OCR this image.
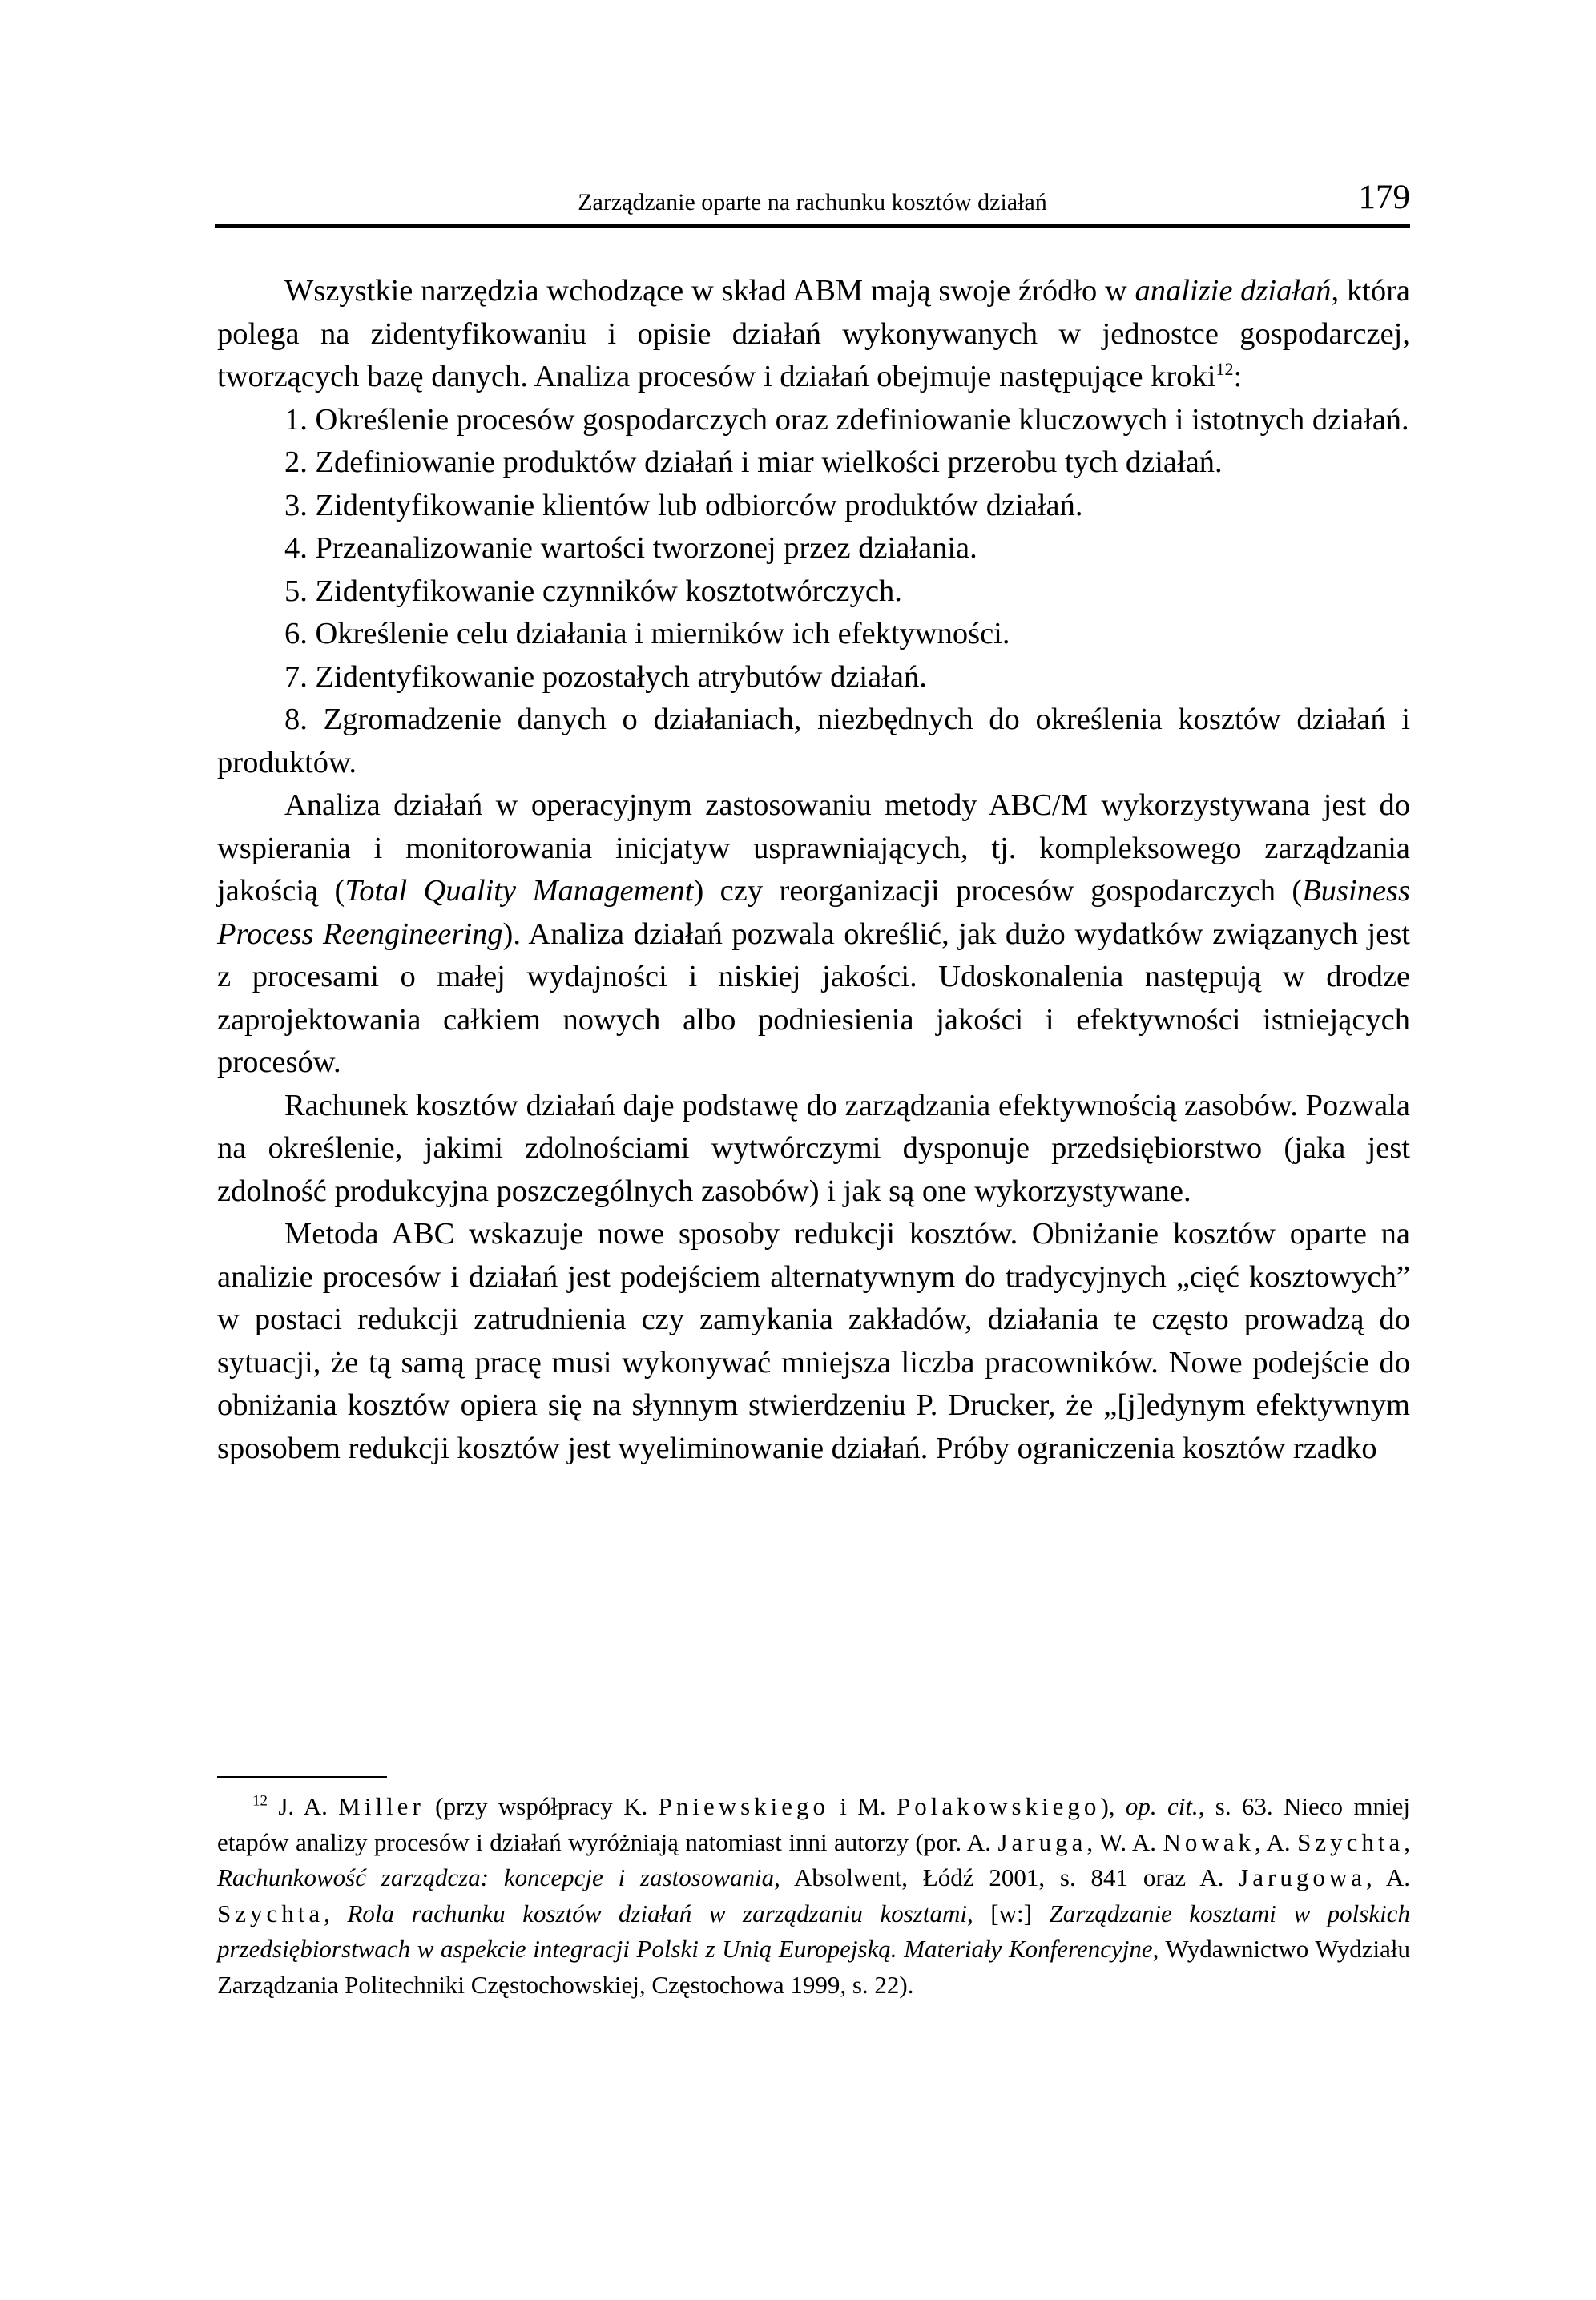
Zarządzanie oparte na rachunku kosztów działań	179

Wszystkie narzędzia wchodzące w skład ABM mają swoje źródło w analizie działań, która polega na zidentyfikowaniu i opisie działań wykonywanych w jednostce gospodarczej, tworzących bazę danych. Analiza procesów i działań obejmuje następujące kroki$^{12}$:

1. Określenie procesów gospodarczych oraz zdefiniowanie kluczowych i istotnych działań.

2. Zdefiniowanie produktów działań i miar wielkości przerobu tych działań.

3. Zidentyfikowanie klientów lub odbiorców produktów działań.

4. Przeanalizowanie wartości tworzonej przez działania.

5. Zidentyfikowanie czynników kosztotwórczych.

6. Określenie celu działania i mierników ich efektywności.

7. Zidentyfikowanie pozostałych atrybutów działań.

8. Zgromadzenie danych o działaniach, niezbędnych do określenia kosztów działań i produktów.

Analiza działań w operacyjnym zastosowaniu metody ABC/M wykorzystywana jest do wspierania i monitorowania inicjatyw usprawniających, tj. kompleksowego zarządzania jakością (Total Quality Management) czy reorganizacji procesów gospodarczych (Business Process Reengineering). Analiza działań pozwala określić, jak dużo wydatków związanych jest z procesami o małej wydajności i niskiej jakości. Udoskonalenia następują w drodze zaprojektowania całkiem nowych albo podniesienia jakości i efektywności istniejących procesów.

Rachunek kosztów działań daje podstawę do zarządzania efektywnością zasobów. Pozwala na określenie, jakimi zdolnościami wytwórczymi dysponuje przedsiębiorstwo (jaka jest zdolność produkcyjna poszczególnych zasobów) i jak są one wykorzystywane.

Metoda ABC wskazuje nowe sposoby redukcji kosztów. Obniżanie kosztów oparte na analizie procesów i działań jest podejściem alternatywnym do tradycyjnych „cięć kosztowych” w postaci redukcji zatrudnienia czy zamykania zakładów, działania te często prowadzą do sytuacji, że tą samą pracę musi wykonywać mniejsza liczba pracowników. Nowe podejście do obniżania kosztów opiera się na słynnym stwierdzeniu P. Drucker, że „[j]edynym efektywnym sposobem redukcji kosztów jest wyeliminowanie działań. Próby ograniczenia kosztów rzadko

$^{12}$ J. A. Miller (przy współpracy K. Pniewskiego i M. Polakowskiego), op. cit., s. 63. Nieco mniej etapów analizy procesów i działań wyróżniają natomiast inni autorzy (por. A. Jaruga, W. A. Nowak, A. Szychta, Rachunkowość zarządcza: koncepcje i zastosowania, Absolwent, Łódź 2001, s. 841 oraz A. Jarugowa, A. Szychta, Rola rachunku kosztów działań w zarządzaniu kosztami, [w:] Zarządzanie kosztami w polskich przedsiębiorstwach w aspekcie integracji Polski z Unią Europejską. Materiały Konferencyjne, Wydawnictwo Wydziału Zarządzania Politechniki Częstochowskiej, Częstochowa 1999, s. 22).
